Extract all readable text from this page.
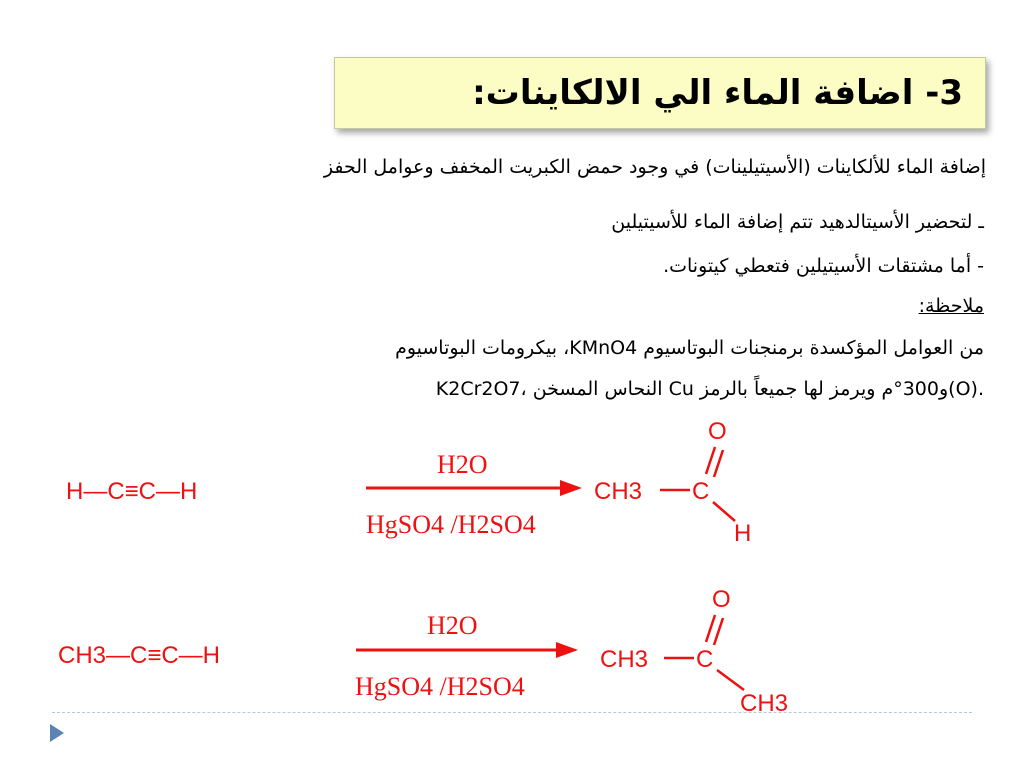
3- اضافة الماء الي الالكاينات:
إضافة الماء للألكاينات (الأسيتيلينات) في وجود حمض الكبريت المخفف وعوامل الحفز
ـ لتحضير الأسيتالدهيد تتم إضافة الماء للأسيتيلين
- أما مشتقات الأسيتيلين فتعطي كيتونات.
ملاحظة:
من العوامل المؤكسدة برمنجنات البوتاسيوم KMnO4، بيكرومات البوتاسيوم
K2Cr2O7، النحاس المسخن Cu و300°م ويرمز لها جميعاً بالرمز(O).
H—C≡C—H
H2O
HgSO4 /H2SO4
CH3 C
O
H
CH3—C≡C—H
H2O
HgSO4 /H2SO4
CH3 C
O
CH3
